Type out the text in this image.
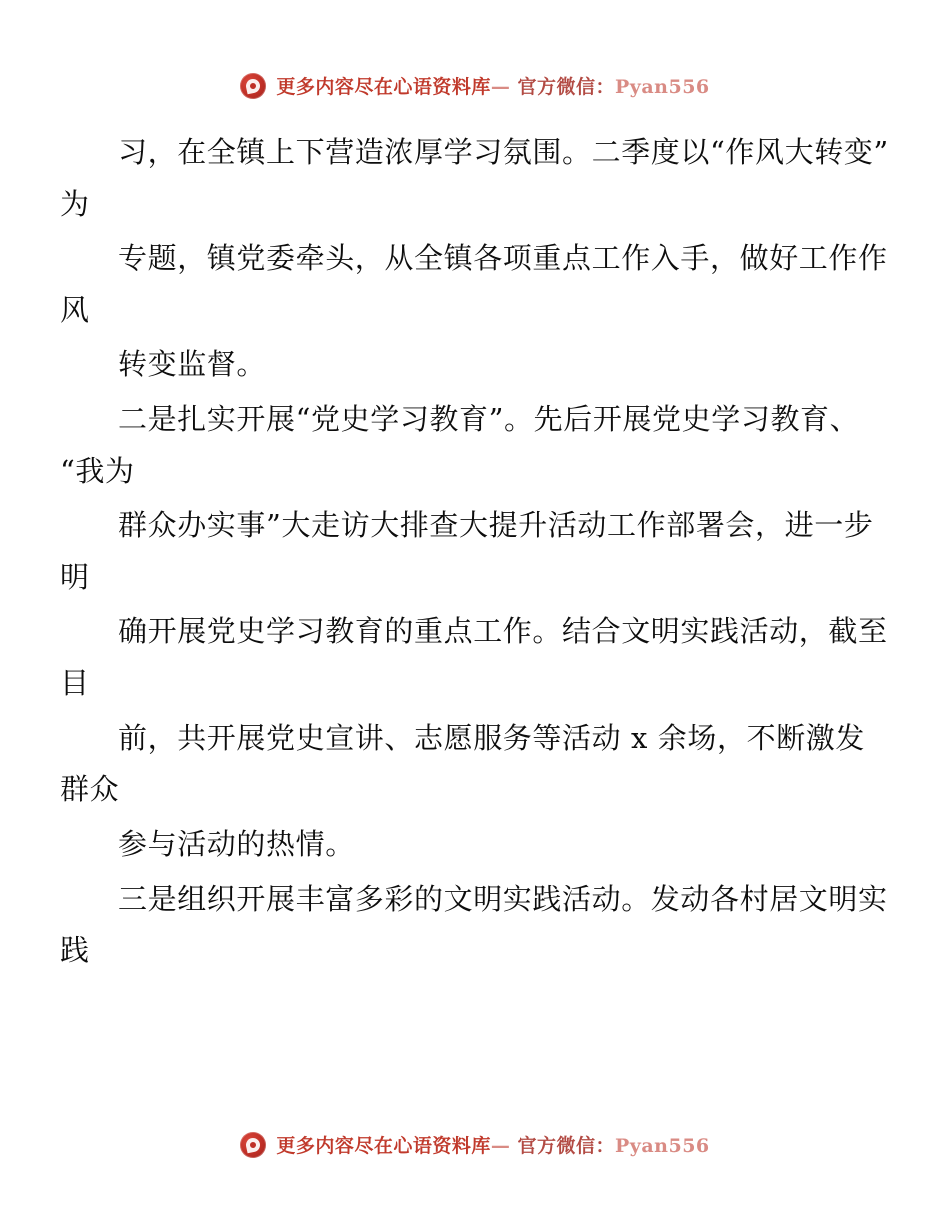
更多内容尽在心语资料库— 官方微信：Pyan556

习，在全镇上下营造浓厚学习氛围。二季度以“作风大转变”为

专题，镇党委牵头，从全镇各项重点工作入手，做好工作作风

转变监督。

二是扎实开展“党史学习教育”。先后开展党史学习教育、“我为

群众办实事”大走访大排查大提升活动工作部署会，进一步明

确开展党史学习教育的重点工作。结合文明实践活动，截至目

前，共开展党史宣讲、志愿服务等活动 x 余场，不断激发群众

参与活动的热情。

三是组织开展丰富多彩的文明实践活动。发动各村居文明实践

更多内容尽在心语资料库— 官方微信：Pyan556
